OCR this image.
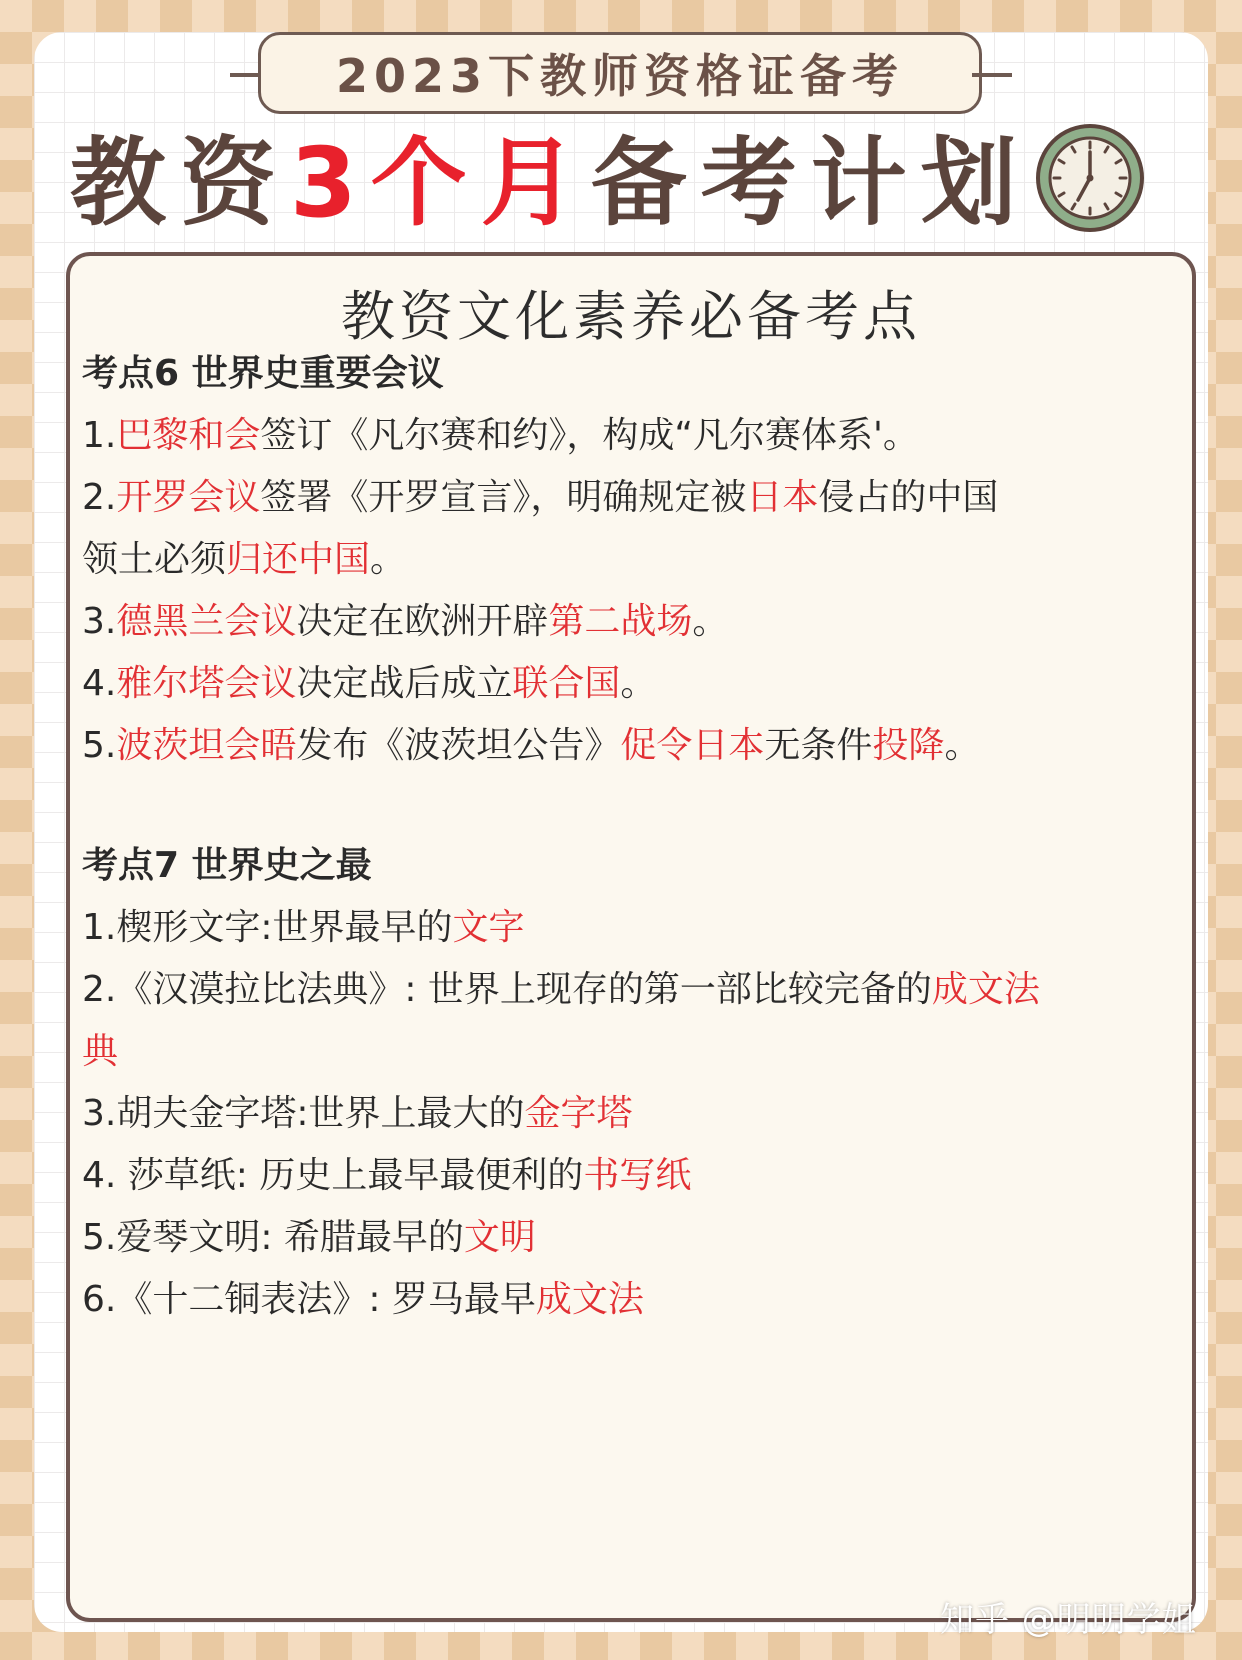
2023下教师资格证备考
教资3个月备考计划
教资文化素养必备考点
考点6 世界史重要会议
1.巴黎和会签订《凡尔赛和约》，构成“凡尔赛体系'。
2.开罗会议签署《开罗宣言》，明确规定被日本侵占的中国
领土必须归还中国。
3.德黑兰会议决定在欧洲开辟第二战场。
4.雅尔塔会议决定战后成立联合国。
5.波茨坦会晤发布《波茨坦公告》促令日本无条件投降。
考点7 世界史之最
1.楔形文字:世界最早的文字
2.《汉漠拉比法典》: 世界上现存的第一部比较完备的成文法
典
3.胡夫金字塔:世界上最大的金字塔
4. 莎草纸: 历史上最早最便利的书写纸
5.爱琴文明: 希腊最早的文明
6.《十二铜表法》: 罗马最早成文法
知乎 @明明学姐
